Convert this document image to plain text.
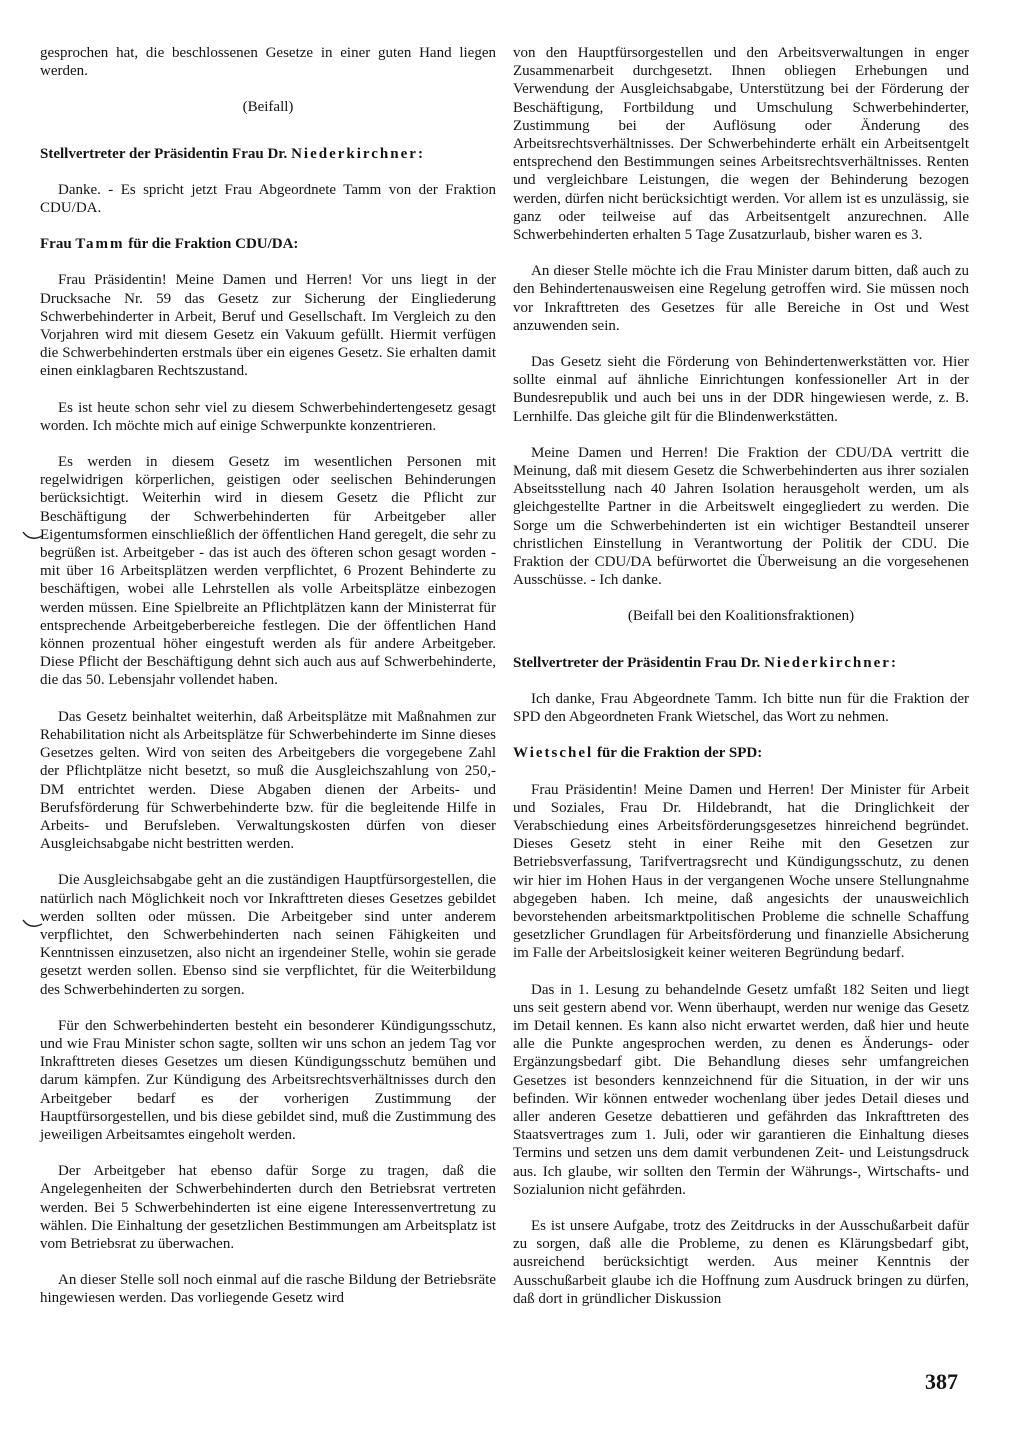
gesprochen hat, die beschlossenen Gesetze in einer guten Hand liegen werden.

(Beifall)

Stellvertreter der Präsidentin Frau Dr. Niederkirchner:

Danke. - Es spricht jetzt Frau Abgeordnete Tamm von der Fraktion CDU/DA.

Frau Tamm für die Fraktion CDU/DA:

Frau Präsidentin! Meine Damen und Herren! Vor uns liegt in der Drucksache Nr. 59 das Gesetz zur Sicherung der Eingliederung Schwerbehinderter in Arbeit, Beruf und Gesellschaft. Im Vergleich zu den Vorjahren wird mit diesem Gesetz ein Vakuum gefüllt. Hiermit verfügen die Schwerbehinderten erstmals über ein eigenes Gesetz. Sie erhalten damit einen einklagbaren Rechtszustand.

Es ist heute schon sehr viel zu diesem Schwerbehindertengesetz gesagt worden. Ich möchte mich auf einige Schwerpunkte konzentrieren.

Es werden in diesem Gesetz im wesentlichen Personen mit regelwidrigen körperlichen, geistigen oder seelischen Behinderungen berücksichtigt. Weiterhin wird in diesem Gesetz die Pflicht zur Beschäftigung der Schwerbehinderten für Arbeitgeber aller Eigentumsformen einschließlich der öffentlichen Hand geregelt, die sehr zu begrüßen ist. Arbeitgeber - das ist auch des öfteren schon gesagt worden - mit über 16 Arbeitsplätzen werden verpflichtet, 6 Prozent Behinderte zu beschäftigen, wobei alle Lehrstellen als volle Arbeitsplätze einbezogen werden müssen. Eine Spielbreite an Pflichtplätzen kann der Ministerrat für entsprechende Arbeitgeberbereiche festlegen. Die der öffentlichen Hand können prozentual höher eingestuft werden als für andere Arbeitgeber. Diese Pflicht der Beschäftigung dehnt sich auch aus auf Schwerbehinderte, die das 50. Lebensjahr vollendet haben.

Das Gesetz beinhaltet weiterhin, daß Arbeitsplätze mit Maßnahmen zur Rehabilitation nicht als Arbeitsplätze für Schwerbehinderte im Sinne dieses Gesetzes gelten. Wird von seiten des Arbeitgebers die vorgegebene Zahl der Pflichtplätze nicht besetzt, so muß die Ausgleichszahlung von 250,- DM entrichtet werden. Diese Abgaben dienen der Arbeits- und Berufsförderung für Schwerbehinderte bzw. für die begleitende Hilfe in Arbeits- und Berufsleben. Verwaltungskosten dürfen von dieser Ausgleichsabgabe nicht bestritten werden.

Die Ausgleichsabgabe geht an die zuständigen Hauptfürsorgestellen, die natürlich nach Möglichkeit noch vor Inkrafttreten dieses Gesetzes gebildet werden sollten oder müssen. Die Arbeitgeber sind unter anderem verpflichtet, den Schwerbehinderten nach seinen Fähigkeiten und Kenntnissen einzusetzen, also nicht an irgendeiner Stelle, wohin sie gerade gesetzt werden sollen. Ebenso sind sie verpflichtet, für die Weiterbildung des Schwerbehinderten zu sorgen.

Für den Schwerbehinderten besteht ein besonderer Kündigungsschutz, und wie Frau Minister schon sagte, sollten wir uns schon an jedem Tag vor Inkrafttreten dieses Gesetzes um diesen Kündigungsschutz bemühen und darum kämpfen. Zur Kündigung des Arbeitsrechtsverhältnisses durch den Arbeitgeber bedarf es der vorherigen Zustimmung der Hauptfürsorgestellen, und bis diese gebildet sind, muß die Zustimmung des jeweiligen Arbeitsamtes eingeholt werden.

Der Arbeitgeber hat ebenso dafür Sorge zu tragen, daß die Angelegenheiten der Schwerbehinderten durch den Betriebsrat vertreten werden. Bei 5 Schwerbehinderten ist eine eigene Interessenvertretung zu wählen. Die Einhaltung der gesetzlichen Bestimmungen am Arbeitsplatz ist vom Betriebsrat zu überwachen.

An dieser Stelle soll noch einmal auf die rasche Bildung der Betriebsräte hingewiesen werden. Das vorliegende Gesetz wird

von den Hauptfürsorgestellen und den Arbeitsverwaltungen in enger Zusammenarbeit durchgesetzt. Ihnen obliegen Erhebungen und Verwendung der Ausgleichsabgabe, Unterstützung bei der Förderung der Beschäftigung, Fortbildung und Umschulung Schwerbehinderter, Zustimmung bei der Auflösung oder Änderung des Arbeitsrechtsverhältnisses. Der Schwerbehinderte erhält ein Arbeitsentgelt entsprechend den Bestimmungen seines Arbeitsrechtsverhältnisses. Renten und vergleichbare Leistungen, die wegen der Behinderung bezogen werden, dürfen nicht berücksichtigt werden. Vor allem ist es unzulässig, sie ganz oder teilweise auf das Arbeitsentgelt anzurechnen. Alle Schwerbehinderten erhalten 5 Tage Zusatzurlaub, bisher waren es 3.

An dieser Stelle möchte ich die Frau Minister darum bitten, daß auch zu den Behindertenausweisen eine Regelung getroffen wird. Sie müssen noch vor Inkrafttreten des Gesetzes für alle Bereiche in Ost und West anzuwenden sein.

Das Gesetz sieht die Förderung von Behindertenwerkstätten vor. Hier sollte einmal auf ähnliche Einrichtungen konfessioneller Art in der Bundesrepublik und auch bei uns in der DDR hingewiesen werde, z. B. Lernhilfe. Das gleiche gilt für die Blindenwerkstätten.

Meine Damen und Herren! Die Fraktion der CDU/DA vertritt die Meinung, daß mit diesem Gesetz die Schwerbehinderten aus ihrer sozialen Abseitsstellung nach 40 Jahren Isolation herausgeholt werden, um als gleichgestellte Partner in die Arbeitswelt eingegliedert zu werden. Die Sorge um die Schwerbehinderten ist ein wichtiger Bestandteil unserer christlichen Einstellung in Verantwortung der Politik der CDU. Die Fraktion der CDU/DA befürwortet die Überweisung an die vorgesehenen Ausschüsse. - Ich danke.

(Beifall bei den Koalitionsfraktionen)

Stellvertreter der Präsidentin Frau Dr. Niederkirchner:

Ich danke, Frau Abgeordnete Tamm. Ich bitte nun für die Fraktion der SPD den Abgeordneten Frank Wietschel, das Wort zu nehmen.

Wietschel für die Fraktion der SPD:

Frau Präsidentin! Meine Damen und Herren! Der Minister für Arbeit und Soziales, Frau Dr. Hildebrandt, hat die Dringlichkeit der Verabschiedung eines Arbeitsförderungsgesetzes hinreichend begründet. Dieses Gesetz steht in einer Reihe mit den Gesetzen zur Betriebsverfassung, Tarifvertragsrecht und Kündigungsschutz, zu denen wir hier im Hohen Haus in der vergangenen Woche unsere Stellungnahme abgegeben haben. Ich meine, daß angesichts der unausweichlich bevorstehenden arbeitsmarktpolitischen Probleme die schnelle Schaffung gesetzlicher Grundlagen für Arbeitsförderung und finanzielle Absicherung im Falle der Arbeitslosigkeit keiner weiteren Begründung bedarf.

Das in 1. Lesung zu behandelnde Gesetz umfaßt 182 Seiten und liegt uns seit gestern abend vor. Wenn überhaupt, werden nur wenige das Gesetz im Detail kennen. Es kann also nicht erwartet werden, daß hier und heute alle die Punkte angesprochen werden, zu denen es Änderungs- oder Ergänzungsbedarf gibt. Die Behandlung dieses sehr umfangreichen Gesetzes ist besonders kennzeichnend für die Situation, in der wir uns befinden. Wir können entweder wochenlang über jedes Detail dieses und aller anderen Gesetze debattieren und gefährden das Inkrafttreten des Staatsvertrages zum 1. Juli, oder wir garantieren die Einhaltung dieses Termins und setzen uns dem damit verbundenen Zeit- und Leistungsdruck aus. Ich glaube, wir sollten den Termin der Währungs-, Wirtschafts- und Sozialunion nicht gefährden.

Es ist unsere Aufgabe, trotz des Zeitdrucks in der Ausschußarbeit dafür zu sorgen, daß alle die Probleme, zu denen es Klärungsbedarf gibt, ausreichend berücksichtigt werden. Aus meiner Kenntnis der Ausschußarbeit glaube ich die Hoffnung zum Ausdruck bringen zu dürfen, daß dort in gründlicher Diskussion

387
